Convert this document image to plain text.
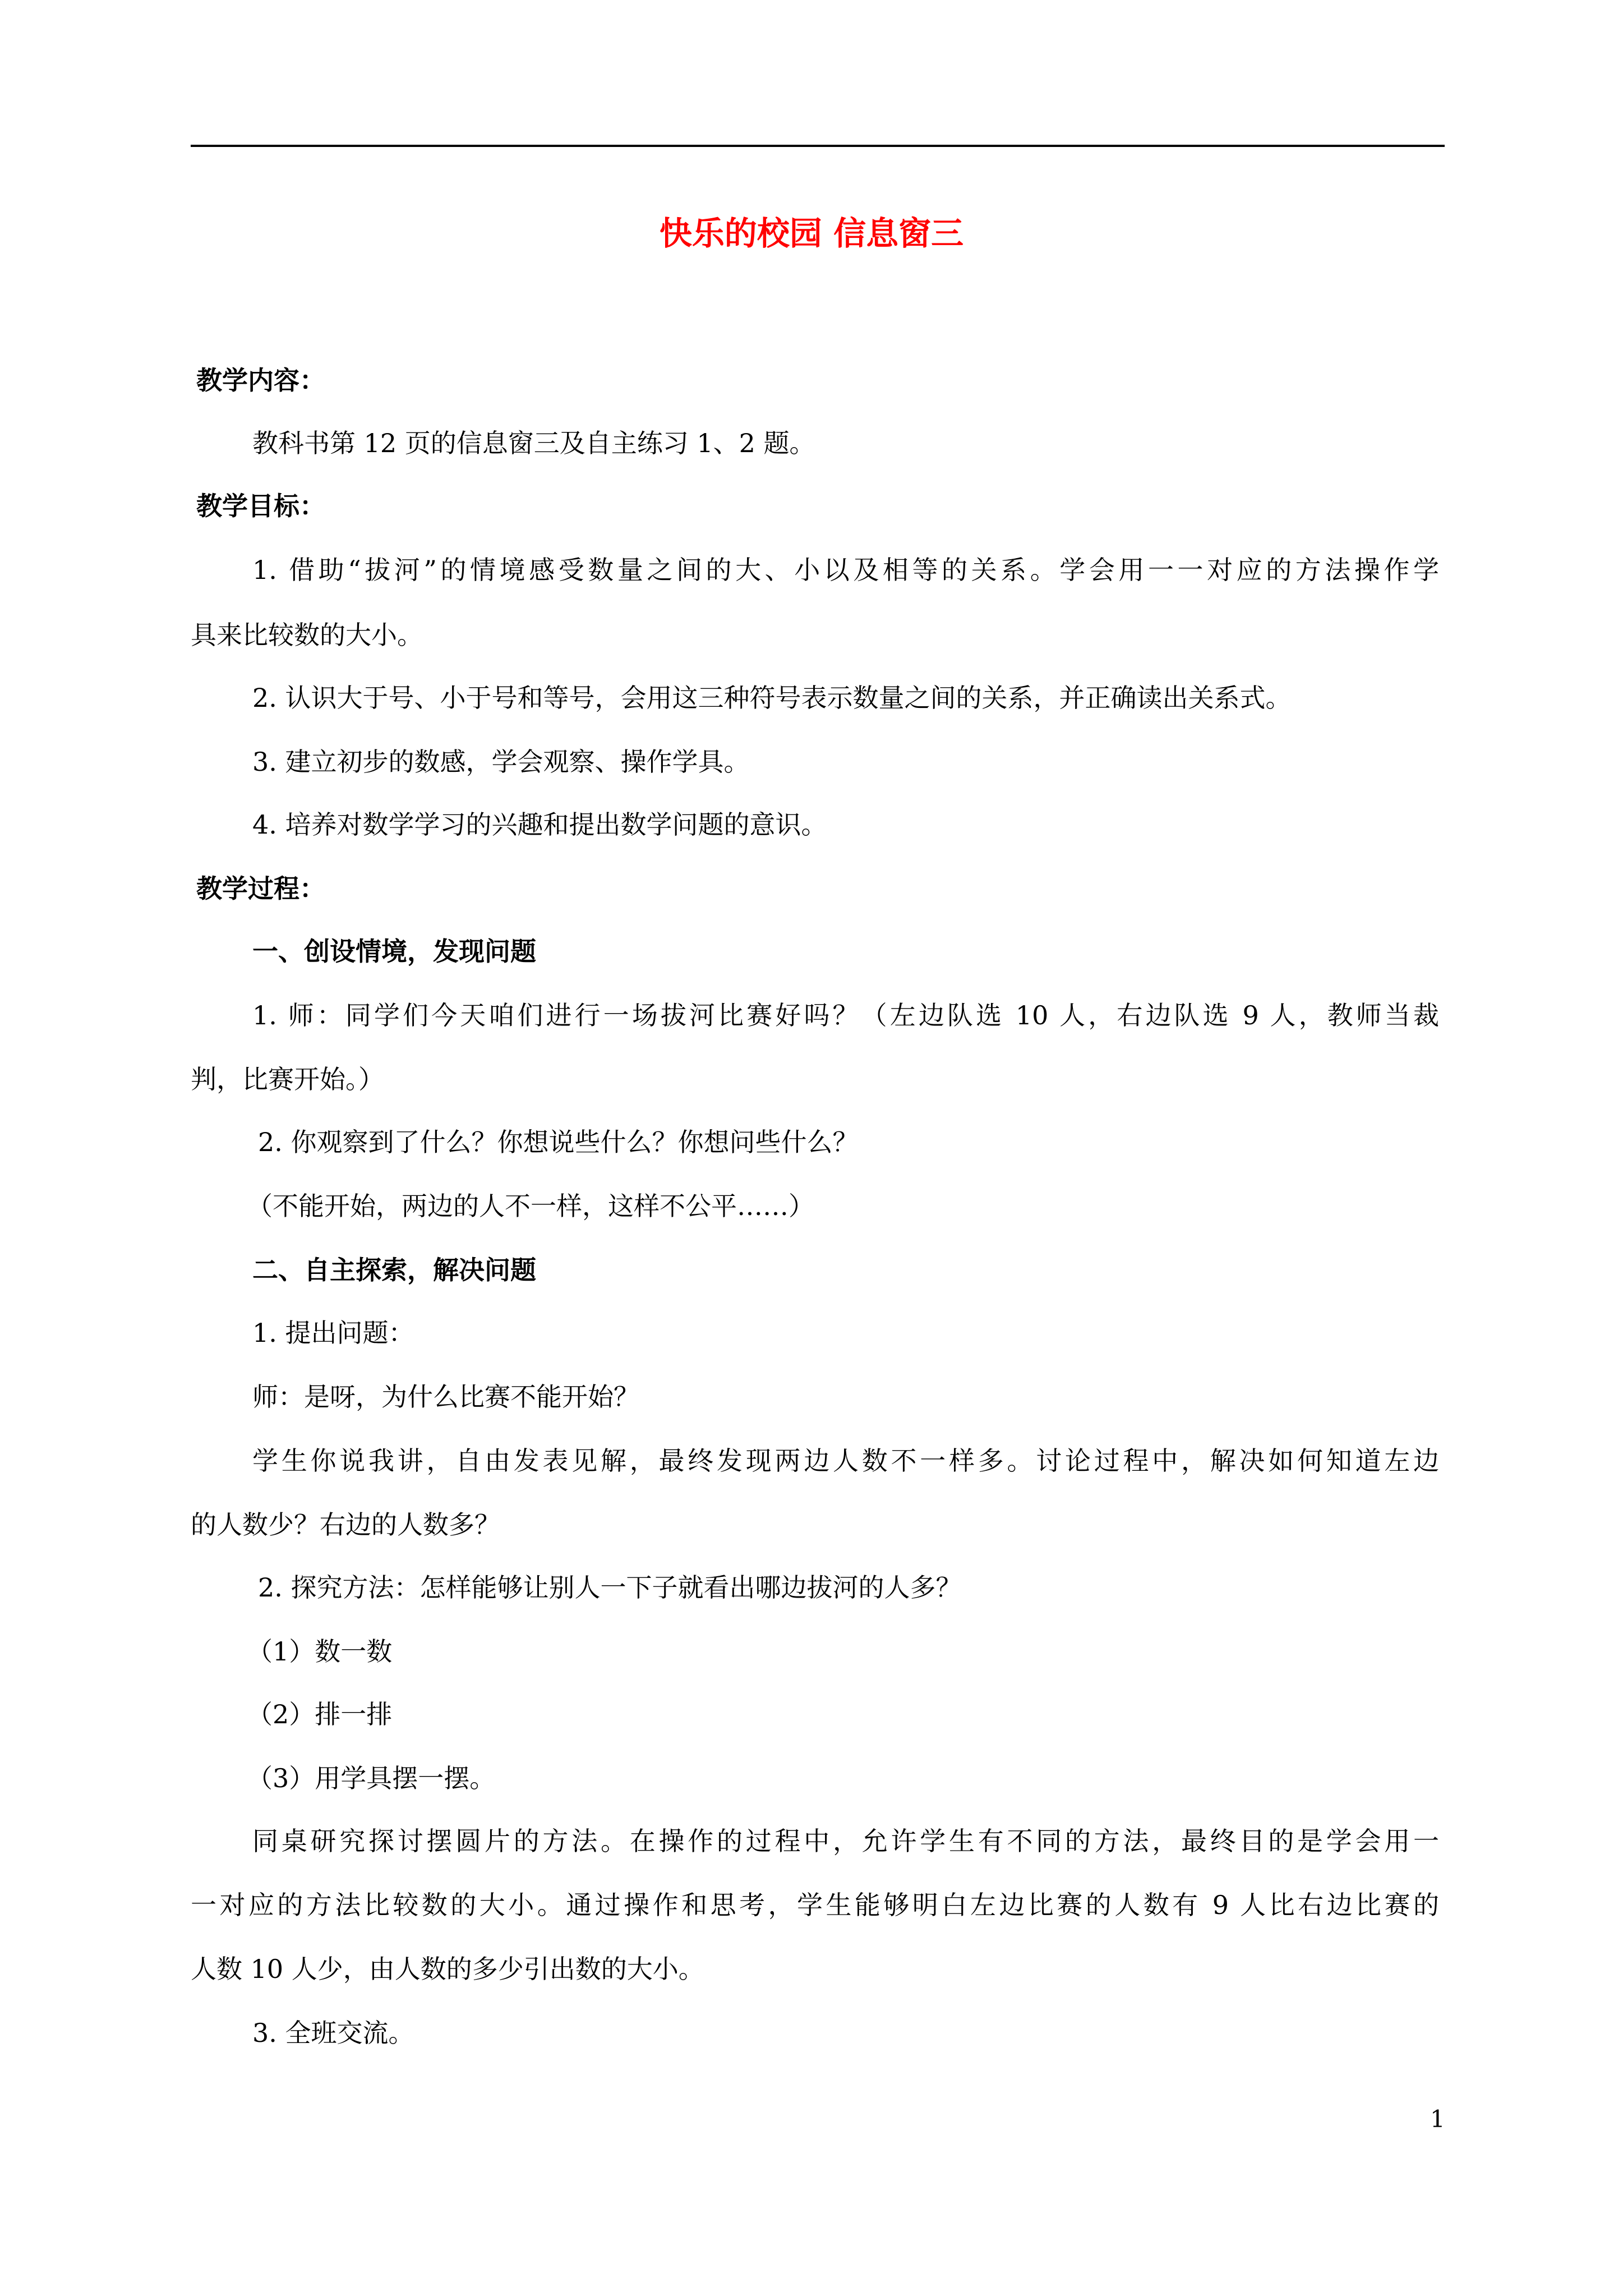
快乐的校园 信息窗三

教学内容：

教科书第 12 页的信息窗三及自主练习 1、2 题。

教学目标：

1. 借助“拔河”的情境感受数量之间的大、小以及相等的关系。学会用一一对应的方法操作学

具来比较数的大小。

2. 认识大于号、小于号和等号，会用这三种符号表示数量之间的关系，并正确读出关系式。

3. 建立初步的数感，学会观察、操作学具。

4. 培养对数学学习的兴趣和提出数学问题的意识。

教学过程：

一、创设情境，发现问题

1. 师：同学们今天咱们进行一场拔河比赛好吗？（左边队选 10 人，右边队选 9 人，教师当裁

判，比赛开始。）

2. 你观察到了什么？你想说些什么？你想问些什么？

（不能开始，两边的人不一样，这样不公平……）

二、自主探索，解决问题

1. 提出问题：

师：是呀，为什么比赛不能开始？

学生你说我讲，自由发表见解，最终发现两边人数不一样多。讨论过程中，解决如何知道左边

的人数少？右边的人数多？

2. 探究方法：怎样能够让别人一下子就看出哪边拔河的人多？

（1）数一数

（2）排一排

（3）用学具摆一摆。

同桌研究探讨摆圆片的方法。在操作的过程中，允许学生有不同的方法，最终目的是学会用一

一对应的方法比较数的大小。通过操作和思考，学生能够明白左边比赛的人数有 9 人比右边比赛的

人数 10 人少，由人数的多少引出数的大小。

3. 全班交流。

1
